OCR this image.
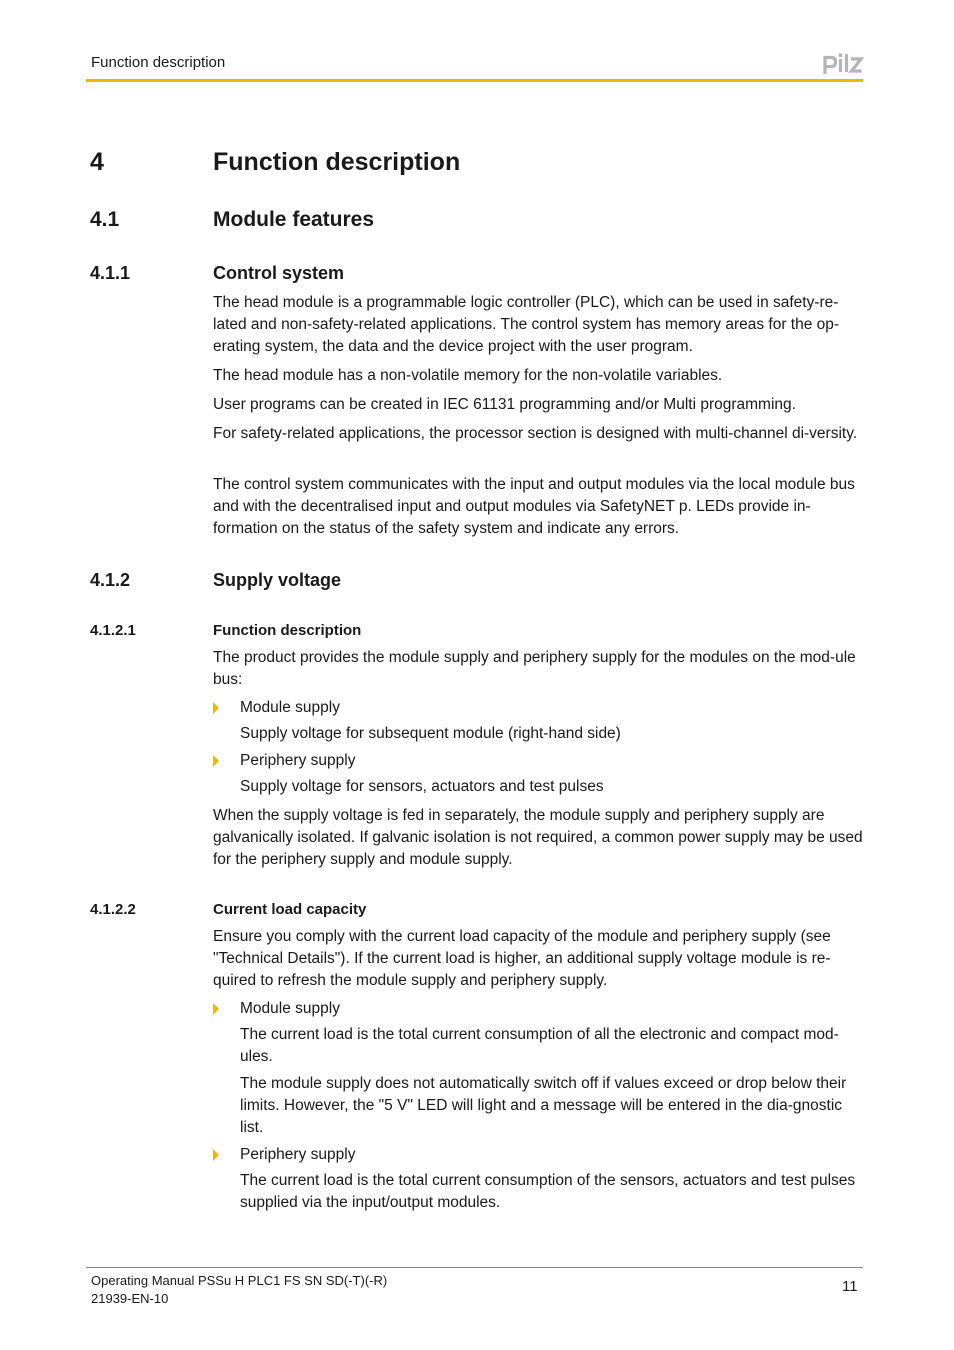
Function description
4	Function description
4.1	Module features
4.1.1	Control system
The head module is a programmable logic controller (PLC), which can be used in safety-re-lated and non-safety-related applications. The control system has memory areas for the op-erating system, the data and the device project with the user program.
The head module has a non-volatile memory for the non-volatile variables.
User programs can be created in IEC 61131 programming and/or Multi programming.
For safety-related applications, the processor section is designed with multi-channel di-versity.
The control system communicates with the input and output modules via the local module bus and with the decentralised input and output modules via SafetyNET p. LEDs provide in-formation on the status of the safety system and indicate any errors.
4.1.2	Supply voltage
4.1.2.1	Function description
The product provides the module supply and periphery supply for the modules on the mod-ule bus:
Module supply
Supply voltage for subsequent module (right-hand side)
Periphery supply
Supply voltage for sensors, actuators and test pulses
When the supply voltage is fed in separately, the module supply and periphery supply are galvanically isolated. If galvanic isolation is not required, a common power supply may be used for the periphery supply and module supply.
4.1.2.2	Current load capacity
Ensure you comply with the current load capacity of the module and periphery supply (see "Technical Details"). If the current load is higher, an additional supply voltage module is re-quired to refresh the module supply and periphery supply.
Module supply
The current load is the total current consumption of all the electronic and compact mod-ules.
The module supply does not automatically switch off if values exceed or drop below their limits. However, the "5 V" LED will light and a message will be entered in the dia-gnostic list.
Periphery supply
The current load is the total current consumption of the sensors, actuators and test pulses supplied via the input/output modules.
Operating Manual PSSu H PLC1 FS SN SD(-T)(-R)
21939-EN-10
11
